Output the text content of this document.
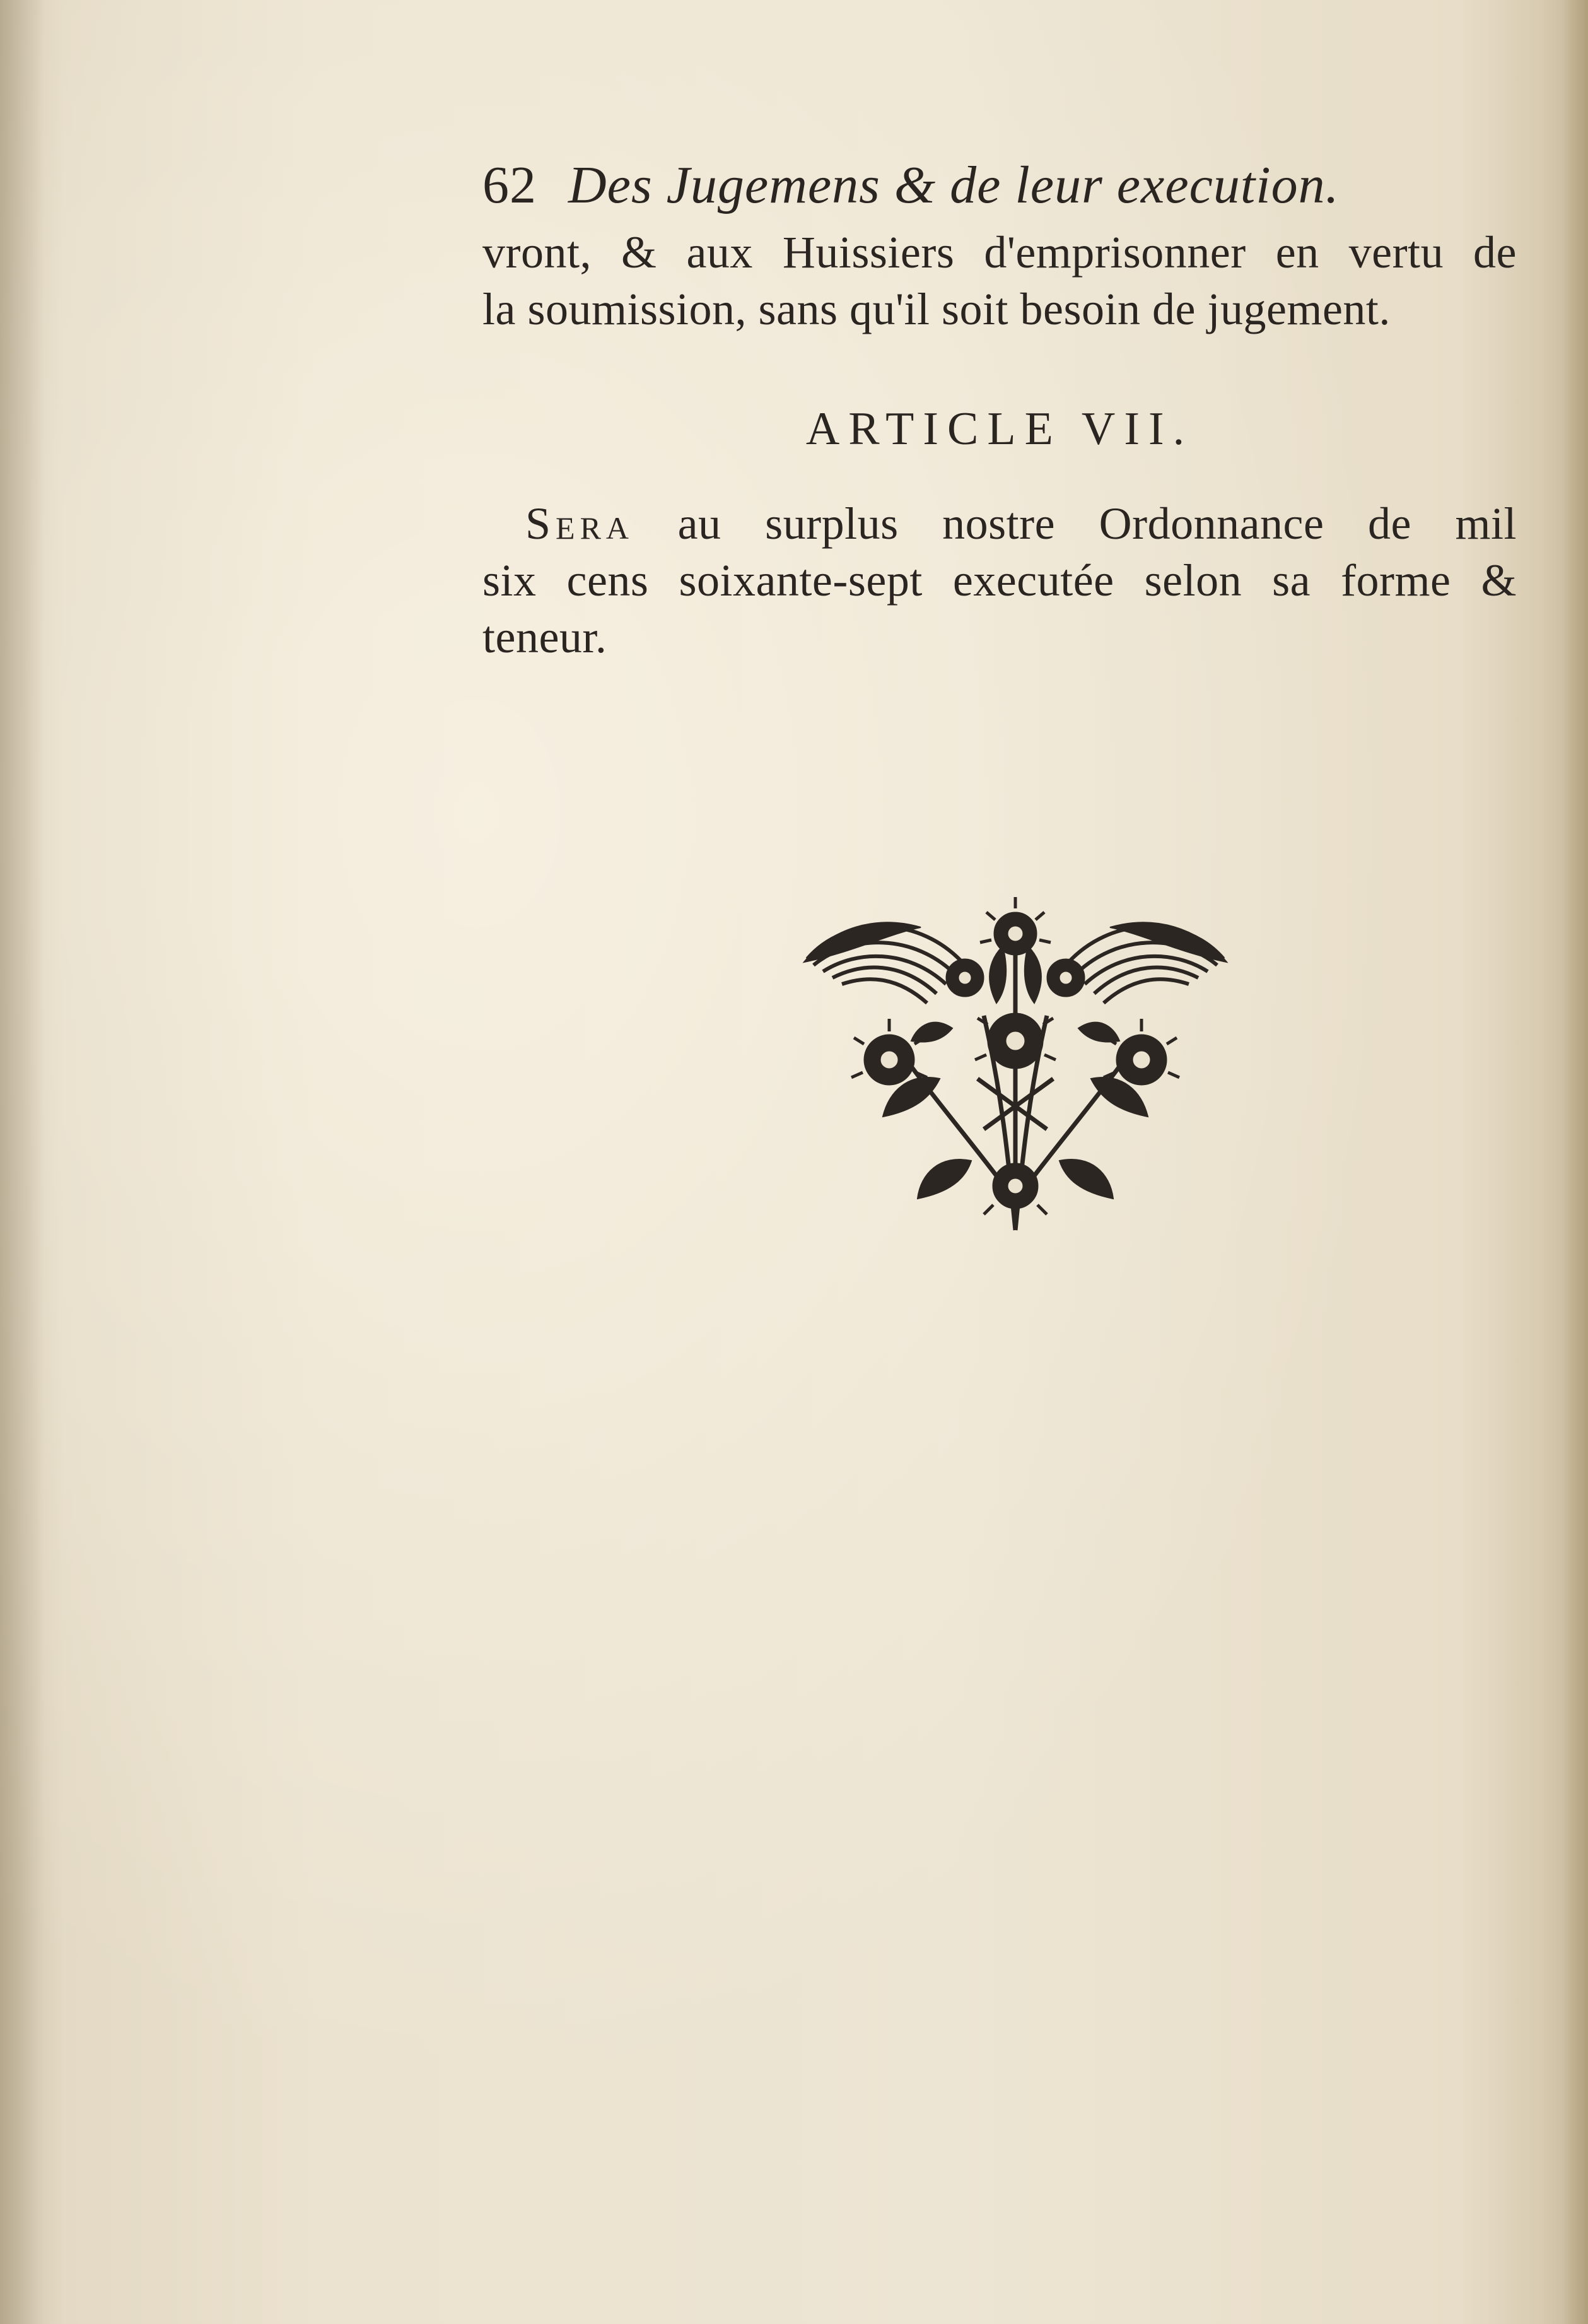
62 Des Jugemens & de leur execution.
vront, & aux Huissiers d'emprisonner en vertu de
la soumission, sans qu'il soit besoin de jugement.
ARTICLE VII.
Sera au surplus nostre Ordonnance de mil
six cens soixante-sept executée selon sa forme &
teneur.
